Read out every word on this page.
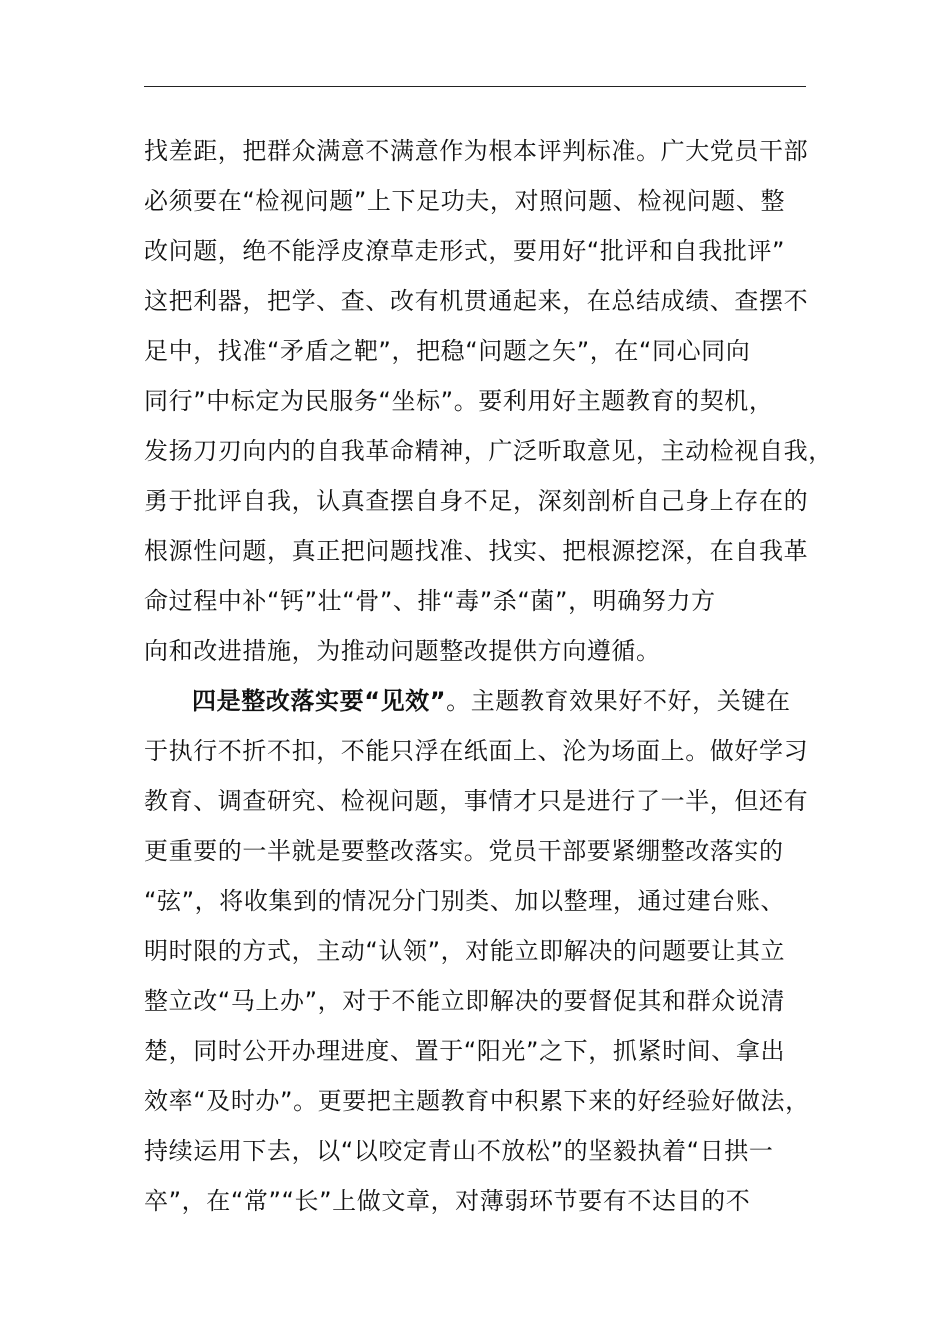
找差距，把群众满意不满意作为根本评判标准。广大党员干部
必须要在“检视问题”上下足功夫，对照问题、检视问题、整
改问题，绝不能浮皮潦草走形式，要用好“批评和自我批评”
这把利器，把学、查、改有机贯通起来，在总结成绩、查摆不
足中，找准“矛盾之靶”，把稳“问题之矢”，在“同心同向
同行”中标定为民服务“坐标”。要利用好主题教育的契机，
发扬刀刃向内的自我革命精神，广泛听取意见，主动检视自我，
勇于批评自我，认真查摆自身不足，深刻剖析自己身上存在的
根源性问题，真正把问题找准、找实、把根源挖深，在自我革
命过程中补“钙”壮“骨”、排“毒”杀“菌”，明确努力方
向和改进措施，为推动问题整改提供方向遵循。
四是整改落实要“见效”。主题教育效果好不好，关键在
于执行不折不扣，不能只浮在纸面上、沦为场面上。做好学习
教育、调查研究、检视问题，事情才只是进行了一半，但还有
更重要的一半就是要整改落实。党员干部要紧绷整改落实的
“弦”，将收集到的情况分门别类、加以整理，通过建台账、
明时限的方式，主动“认领”，对能立即解决的问题要让其立
整立改“马上办”，对于不能立即解决的要督促其和群众说清
楚，同时公开办理进度、置于“阳光”之下，抓紧时间、拿出
效率“及时办”。更要把主题教育中积累下来的好经验好做法，
持续运用下去，以“以咬定青山不放松”的坚毅执着“日拱一
卒”，在“常”“长”上做文章，对薄弱环节要有不达目的不
